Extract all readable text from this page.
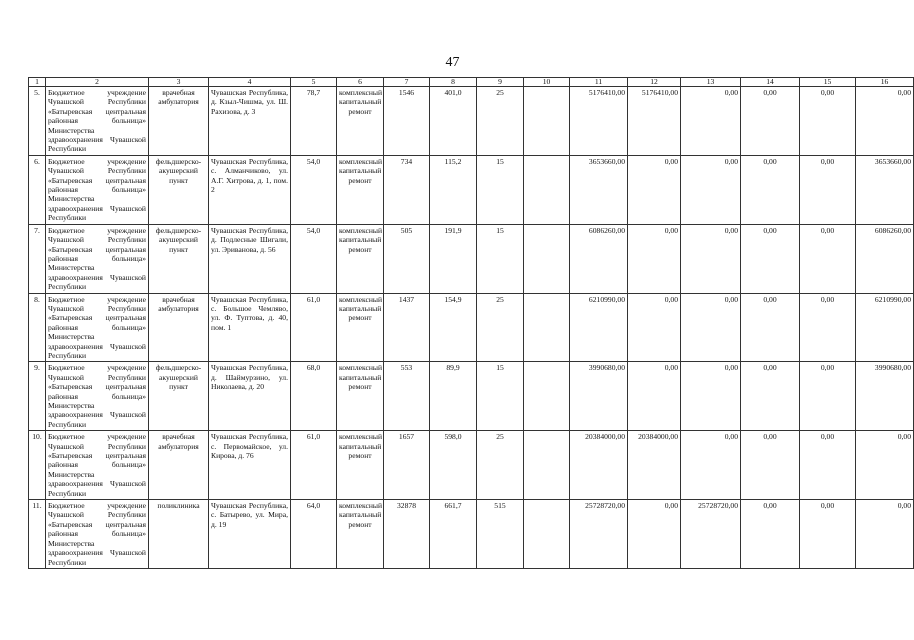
47
1	2	3	4	5	6	7	8	9	10	11	12	13	14	15	16
5.	Бюджетное учреждение Чувашской Республики «Батыревская центральная районная больница» Министерства здравоохранения Чувашской Республики	врачебная амбулатория	Чувашская Республика, д. Кзыл-Чишма, ул. Ш. Рахизова, д. 3	78,7	комплексный капитальный ремонт	1546	401,0	25		5176410,00	5176410,00	0,00	0,00	0,00	0,00
6.	Бюджетное учреждение Чувашской Республики «Батыревская центральная районная больница» Министерства здравоохранения Чувашской Республики	фельдшерско-акушерский пункт	Чувашская Республика, с. Алманчиково, ул. А.Г. Хитрова, д. 1, пом. 2	54,0	комплексный капитальный ремонт	734	115,2	15		3653660,00	0,00	0,00	0,00	0,00	3653660,00
7.	Бюджетное учреждение Чувашской Республики «Батыревская центральная районная больница» Министерства здравоохранения Чувашской Республики	фельдшерско-акушерский пункт	Чувашская Республика, д. Подлесные Шигали, ул. Эриванова, д. 56	54,0	комплексный капитальный ремонт	505	191,9	15		6086260,00	0,00	0,00	0,00	0,00	6086260,00
8.	Бюджетное учреждение Чувашской Республики «Батыревская центральная районная больница» Министерства здравоохранения Чувашской Республики	врачебная амбулатория	Чувашская Республика, с. Большое Чемляво, ул. Ф. Туптова, д. 40, пом. 1	61,0	комплексный капитальный ремонт	1437	154,9	25		6210990,00	0,00	0,00	0,00	0,00	6210990,00
9.	Бюджетное учреждение Чувашской Республики «Батыревская центральная районная больница» Министерства здравоохранения Чувашской Республики	фельдшерско-акушерский пункт	Чувашская Республика, д. Шаймурзино, ул. Николаева, д. 20	68,0	комплексный капитальный ремонт	553	89,9	15		3990680,00	0,00	0,00	0,00	0,00	3990680,00
10.	Бюджетное учреждение Чувашской Республики «Батыревская центральная районная больница» Министерства здравоохранения Чувашской Республики	врачебная амбулатория	Чувашская Республика, с. Первомайское, ул. Кирова, д. 76	61,0	комплексный капитальный ремонт	1657	598,0	25		20384000,00	20384000,00	0,00	0,00	0,00	0,00
11.	Бюджетное учреждение Чувашской Республики «Батыревская центральная районная больница» Министерства здравоохранения Чувашской Республики	поликлиника	Чувашская Республика, с. Батырево, ул. Мира, д. 19	64,0	комплексный капитальный ремонт	32878	661,7	515		25728720,00	0,00	25728720,00	0,00	0,00	0,00
